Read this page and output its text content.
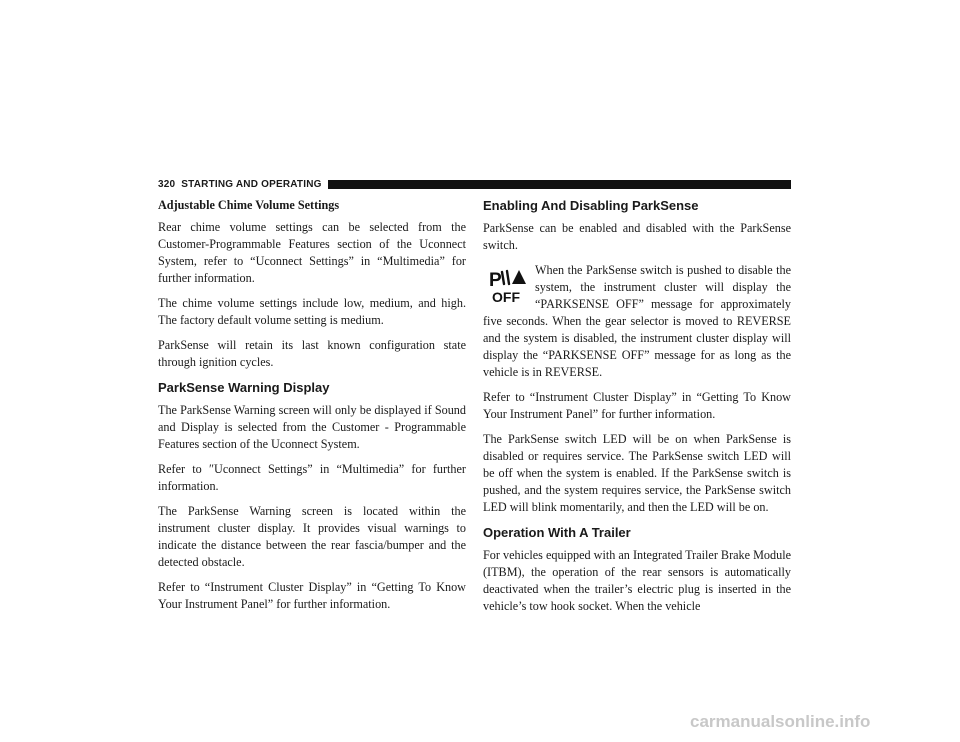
320 STARTING AND OPERATING
Adjustable Chime Volume Settings

Rear chime volume settings can be selected from the Customer-Programmable Features section of the Uconnect System, refer to “Uconnect Settings” in “Multimedia” for further information.

The chime volume settings include low, medium, and high. The factory default volume setting is medium.

ParkSense will retain its last known configuration state through ignition cycles.

ParkSense Warning Display

The ParkSense Warning screen will only be displayed if Sound and Display is selected from the Customer - Programmable Features section of the Uconnect System.

Refer to ″Uconnect Settings” in “Multimedia” for further information.

The ParkSense Warning screen is located within the instrument cluster display. It provides visual warnings to indicate the distance between the rear fascia/bumper and the detected obstacle.

Refer to “Instrument Cluster Display” in “Getting To Know Your Instrument Panel” for further information.

Enabling And Disabling ParkSense

ParkSense can be enabled and disabled with the ParkSense switch.

P
OFF
When the ParkSense switch is pushed to disable the system, the instrument cluster will display the “PARKSENSE OFF” message for approximately five seconds. When the gear selector is moved to REVERSE and the system is disabled, the instrument cluster display will display the “PARKSENSE OFF” message for as long as the vehicle is in REVERSE.

Refer to “Instrument Cluster Display” in “Getting To Know Your Instrument Panel” for further information.

The ParkSense switch LED will be on when ParkSense is disabled or requires service. The ParkSense switch LED will be off when the system is enabled. If the ParkSense switch is pushed, and the system requires service, the ParkSense switch LED will blink momentarily, and then the LED will be on.

Operation With A Trailer

For vehicles equipped with an Integrated Trailer Brake Module (ITBM), the operation of the rear sensors is automatically deactivated when the trailer’s electric plug is inserted in the vehicle’s tow hook socket. When the vehicle

carmanualsonline.info
